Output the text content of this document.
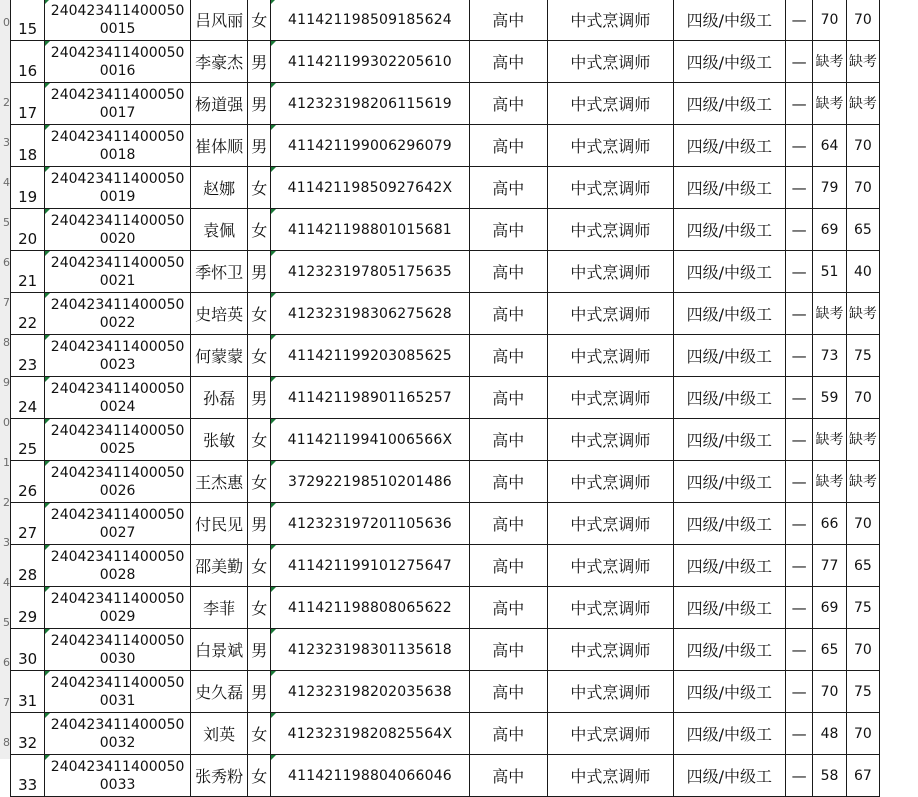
0
2
3
4
5
6
7
8
9
0
1
2
3
4
5
6
7
8
15	2404234114000500015	吕风丽	女	411421198509185624	高中	中式烹调师	四级/中级工	—	70	70	
16	2404234114000500016	李豪杰	男	411421199302205610	高中	中式烹调师	四级/中级工	—	缺考	缺考	
17	2404234114000500017	杨道强	男	412323198206115619	高中	中式烹调师	四级/中级工	—	缺考	缺考	
18	2404234114000500018	崔体顺	男	411421199006296079	高中	中式烹调师	四级/中级工	—	64	70	
19	2404234114000500019	赵娜	女	41142119850927642X	高中	中式烹调师	四级/中级工	—	79	70	
20	2404234114000500020	袁佩	女	411421198801015681	高中	中式烹调师	四级/中级工	—	69	65	
21	2404234114000500021	季怀卫	男	412323197805175635	高中	中式烹调师	四级/中级工	—	51	40	
22	2404234114000500022	史培英	女	412323198306275628	高中	中式烹调师	四级/中级工	—	缺考	缺考	
23	2404234114000500023	何蒙蒙	女	411421199203085625	高中	中式烹调师	四级/中级工	—	73	75	
24	2404234114000500024	孙磊	男	411421198901165257	高中	中式烹调师	四级/中级工	—	59	70	
25	2404234114000500025	张敏	女	41142119941006566X	高中	中式烹调师	四级/中级工	—	缺考	缺考	
26	2404234114000500026	王杰惠	女	372922198510201486	高中	中式烹调师	四级/中级工	—	缺考	缺考	
27	2404234114000500027	付民见	男	412323197201105636	高中	中式烹调师	四级/中级工	—	66	70	
28	2404234114000500028	邵美勤	女	411421199101275647	高中	中式烹调师	四级/中级工	—	77	65	
29	2404234114000500029	李菲	女	411421198808065622	高中	中式烹调师	四级/中级工	—	69	75	
30	2404234114000500030	白景斌	男	412323198301135618	高中	中式烹调师	四级/中级工	—	65	70	
31	2404234114000500031	史久磊	男	412323198202035638	高中	中式烹调师	四级/中级工	—	70	75	
32	2404234114000500032	刘英	女	41232319820825564X	高中	中式烹调师	四级/中级工	—	48	70	
33	2404234114000500033	张秀粉	女	411421198804066046	高中	中式烹调师	四级/中级工	—	58	67	
